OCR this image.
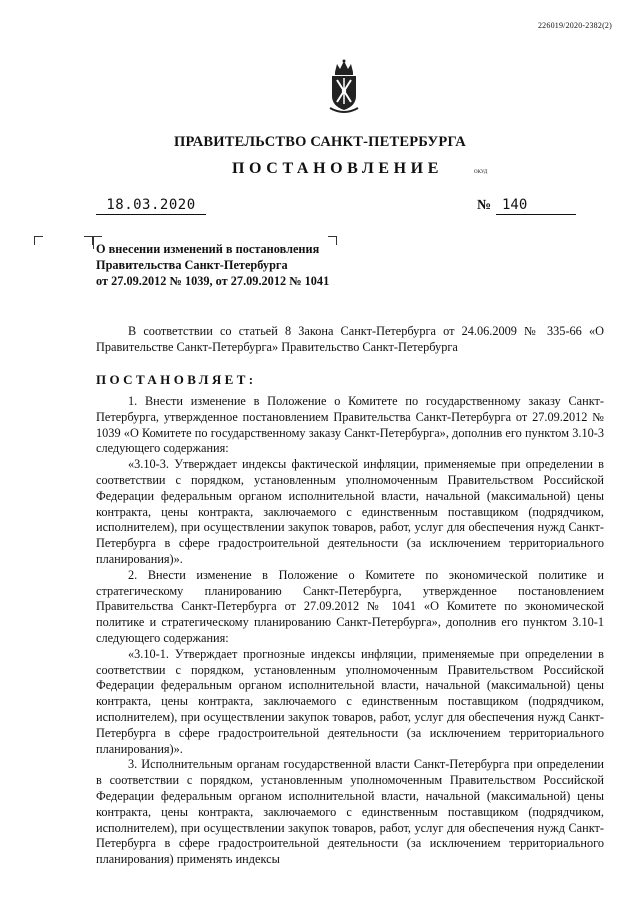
226019/2020-2382(2)
ПРАВИТЕЛЬСТВО САНКТ-ПЕТЕРБУРГА
ПОСТАНОВЛЕНИЕ	ОКУД
18.03.2020	№ 140
О внесении изменений в постановления
Правительства Санкт-Петербурга
от 27.09.2012 № 1039, от 27.09.2012 № 1041

В соответствии со статьей 8 Закона Санкт-Петербурга от 24.06.2009 № 335-66 «О Правительстве Санкт-Петербурга» Правительство Санкт-Петербурга

ПОСТАНОВЛЯЕТ:

1. Внести изменение в Положение о Комитете по государственному заказу Санкт-Петербурга, утвержденное постановлением Правительства Санкт-Петербурга от 27.09.2012 № 1039 «О Комитете по государственному заказу Санкт-Петербурга», дополнив его пунктом 3.10-3 следующего содержания:

«3.10-3. Утверждает индексы фактической инфляции, применяемые при определении в соответствии с порядком, установленным уполномоченным Правительством Российской Федерации федеральным органом исполнительной власти, начальной (максимальной) цены контракта, цены контракта, заключаемого с единственным поставщиком (подрядчиком, исполнителем), при осуществлении закупок товаров, работ, услуг для обеспечения нужд Санкт-Петербурга в сфере градостроительной деятельности (за исключением территориального планирования)».

2. Внести изменение в Положение о Комитете по экономической политике и стратегическому планированию Санкт-Петербурга, утвержденное постановлением Правительства Санкт-Петербурга от 27.09.2012 № 1041 «О Комитете по экономической политике и стратегическому планированию Санкт-Петербурга», дополнив его пунктом 3.10-1 следующего содержания:

«3.10-1. Утверждает прогнозные индексы инфляции, применяемые при определении в соответствии с порядком, установленным уполномоченным Правительством Российской Федерации федеральным органом исполнительной власти, начальной (максимальной) цены контракта, цены контракта, заключаемого с единственным поставщиком (подрядчиком, исполнителем), при осуществлении закупок товаров, работ, услуг для обеспечения нужд Санкт-Петербурга в сфере градостроительной деятельности (за исключением территориального планирования)».

3. Исполнительным органам государственной власти Санкт-Петербурга при определении в соответствии с порядком, установленным уполномоченным Правительством Российской Федерации федеральным органом исполнительной власти, начальной (максимальной) цены контракта, цены контракта, заключаемого с единственным поставщиком (подрядчиком, исполнителем), при осуществлении закупок товаров, работ, услуг для обеспечения нужд Санкт-Петербурга в сфере градостроительной деятельности (за исключением территориального планирования) применять индексы
